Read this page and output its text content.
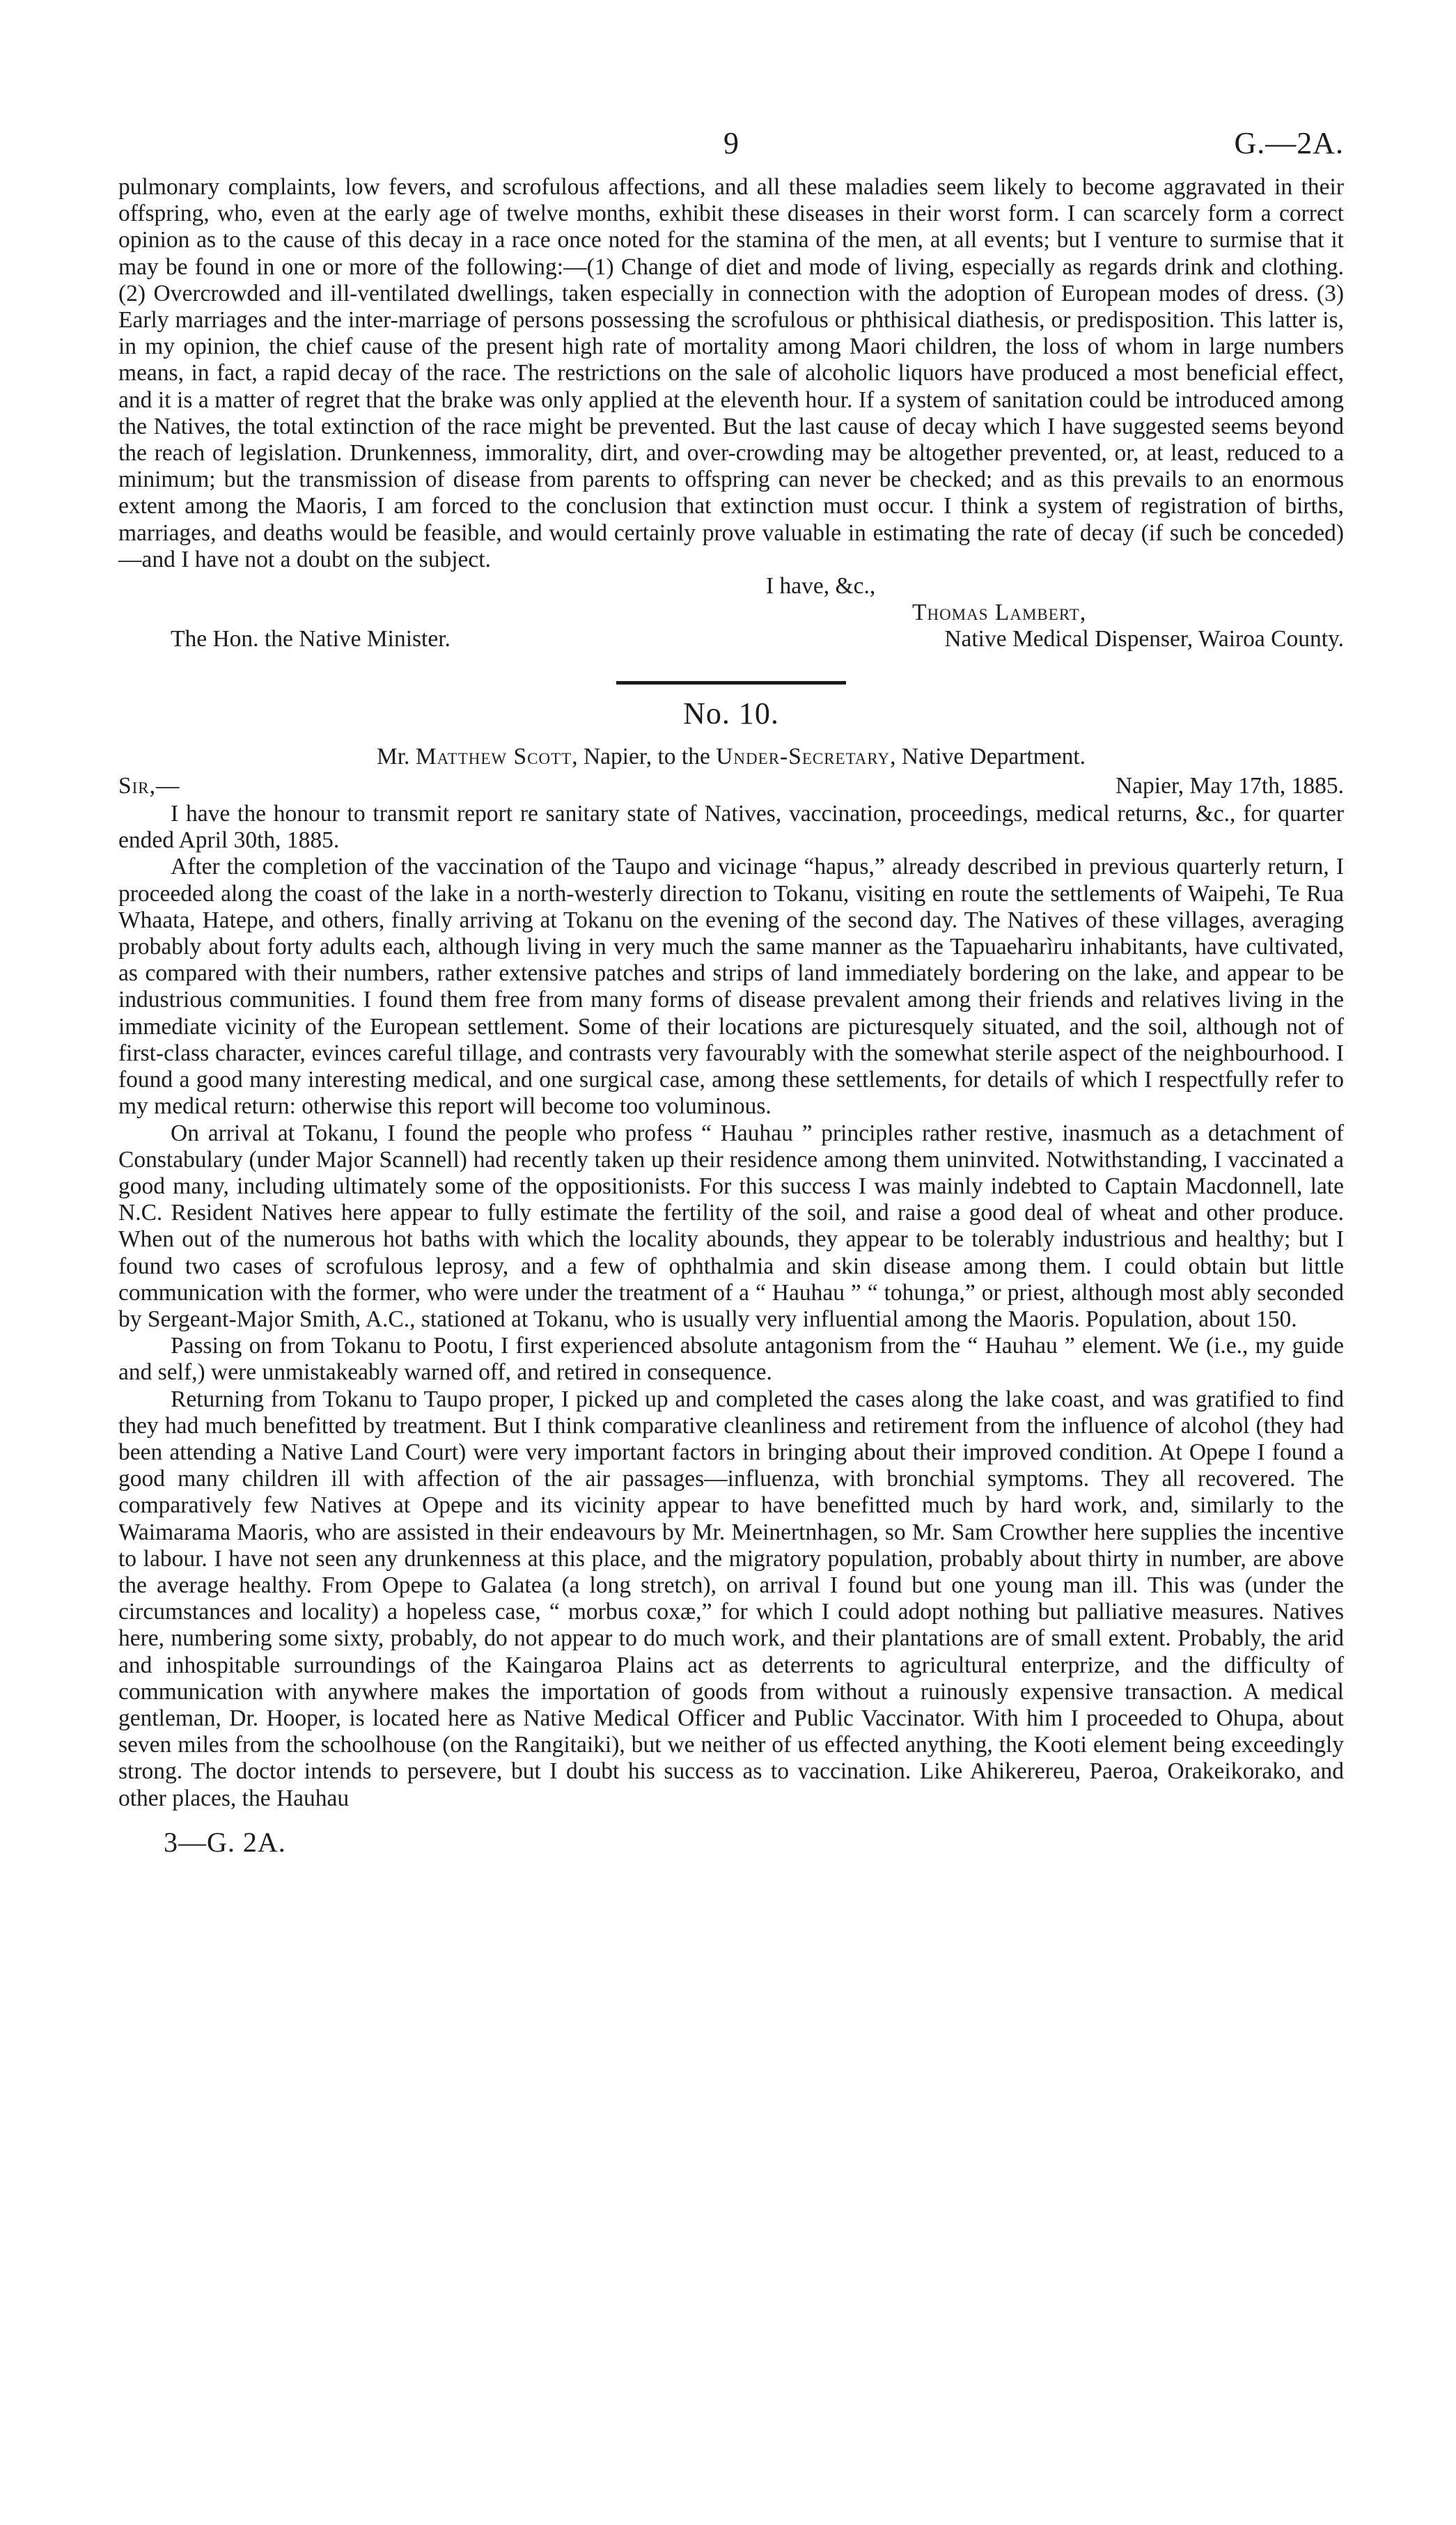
9	G.—2A.

pulmonary complaints, low fevers, and scrofulous affections, and all these maladies seem likely to become aggravated in their offspring, who, even at the early age of twelve months, exhibit these diseases in their worst form. I can scarcely form a correct opinion as to the cause of this decay in a race once noted for the stamina of the men, at all events; but I venture to surmise that it may be found in one or more of the following:—(1) Change of diet and mode of living, especially as regards drink and clothing. (2) Overcrowded and ill-ventilated dwellings, taken especially in connection with the adoption of European modes of dress. (3) Early marriages and the inter-marriage of persons possessing the scrofulous or phthisical diathesis, or predisposition. This latter is, in my opinion, the chief cause of the present high rate of mortality among Maori children, the loss of whom in large numbers means, in fact, a rapid decay of the race. The restrictions on the sale of alcoholic liquors have produced a most beneficial effect, and it is a matter of regret that the brake was only applied at the eleventh hour. If a system of sanitation could be introduced among the Natives, the total extinction of the race might be prevented. But the last cause of decay which I have suggested seems beyond the reach of legislation. Drunkenness, immorality, dirt, and over-crowding may be altogether prevented, or, at least, reduced to a minimum; but the transmission of disease from parents to offspring can never be checked; and as this prevails to an enormous extent among the Maoris, I am forced to the conclusion that extinction must occur. I think a system of registration of births, marriages, and deaths would be feasible, and would certainly prove valuable in estimating the rate of decay (if such be conceded)—and I have not a doubt on the subject.

I have, &c.,
Thomas Lambert,
The Hon. the Native Minister.	Native Medical Dispenser, Wairoa County.
No. 10.
Mr. Matthew Scott, Napier, to the Under-Secretary, Native Department.
Sir,—	Napier, May 17th, 1885.

I have the honour to transmit report re sanitary state of Natives, vaccination, proceedings, medical returns, &c., for quarter ended April 30th, 1885.

After the completion of the vaccination of the Taupo and vicinage “hapus,” already described in previous quarterly return, I proceeded along the coast of the lake in a north-westerly direction to Tokanu, visiting en route the settlements of Waipehi, Te Rua Whaata, Hatepe, and others, finally arriving at Tokanu on the evening of the second day. The Natives of these villages, averaging probably about forty adults each, although living in very much the same manner as the Tapuaeharìru inhabitants, have cultivated, as compared with their numbers, rather extensive patches and strips of land immediately bordering on the lake, and appear to be industrious communities. I found them free from many forms of disease prevalent among their friends and relatives living in the immediate vicinity of the European settlement. Some of their locations are picturesquely situated, and the soil, although not of first-class character, evinces careful tillage, and contrasts very favourably with the somewhat sterile aspect of the neighbourhood. I found a good many interesting medical, and one surgical case, among these settlements, for details of which I respectfully refer to my medical return: otherwise this report will become too voluminous.

On arrival at Tokanu, I found the people who profess “ Hauhau ” principles rather restive, inasmuch as a detachment of Constabulary (under Major Scannell) had recently taken up their residence among them uninvited. Notwithstanding, I vaccinated a good many, including ultimately some of the oppositionists. For this success I was mainly indebted to Captain Macdonnell, late N.C. Resident Natives here appear to fully estimate the fertility of the soil, and raise a good deal of wheat and other produce. When out of the numerous hot baths with which the locality abounds, they appear to be tolerably industrious and healthy; but I found two cases of scrofulous leprosy, and a few of ophthalmia and skin disease among them. I could obtain but little communication with the former, who were under the treatment of a “ Hauhau ” “ tohunga,” or priest, although most ably seconded by Sergeant-Major Smith, A.C., stationed at Tokanu, who is usually very influential among the Maoris. Population, about 150.

Passing on from Tokanu to Pootu, I first experienced absolute antagonism from the “ Hauhau ” element. We (i.e., my guide and self,) were unmistakeably warned off, and retired in consequence.

Returning from Tokanu to Taupo proper, I picked up and completed the cases along the lake coast, and was gratified to find they had much benefitted by treatment. But I think comparative cleanliness and retirement from the influence of alcohol (they had been attending a Native Land Court) were very important factors in bringing about their improved condition. At Opepe I found a good many children ill with affection of the air passages—influenza, with bronchial symptoms. They all recovered. The comparatively few Natives at Opepe and its vicinity appear to have benefitted much by hard work, and, similarly to the Waimarama Maoris, who are assisted in their endeavours by Mr. Meinertnhagen, so Mr. Sam Crowther here supplies the incentive to labour. I have not seen any drunkenness at this place, and the migratory population, probably about thirty in number, are above the average healthy. From Opepe to Galatea (a long stretch), on arrival I found but one young man ill. This was (under the circumstances and locality) a hopeless case, “ morbus coxæ,” for which I could adopt nothing but palliative measures. Natives here, numbering some sixty, probably, do not appear to do much work, and their plantations are of small extent. Probably, the arid and inhospitable surroundings of the Kaingaroa Plains act as deterrents to agricultural enterprize, and the difficulty of communication with anywhere makes the importation of goods from without a ruinously expensive transaction. A medical gentleman, Dr. Hooper, is located here as Native Medical Officer and Public Vaccinator. With him I proceeded to Ohupa, about seven miles from the schoolhouse (on the Rangitaiki), but we neither of us effected anything, the Kooti element being exceedingly strong. The doctor intends to persevere, but I doubt his success as to vaccination. Like Ahikerereu, Paeroa, Orakeikorako, and other places, the Hauhau

3—G. 2A.
